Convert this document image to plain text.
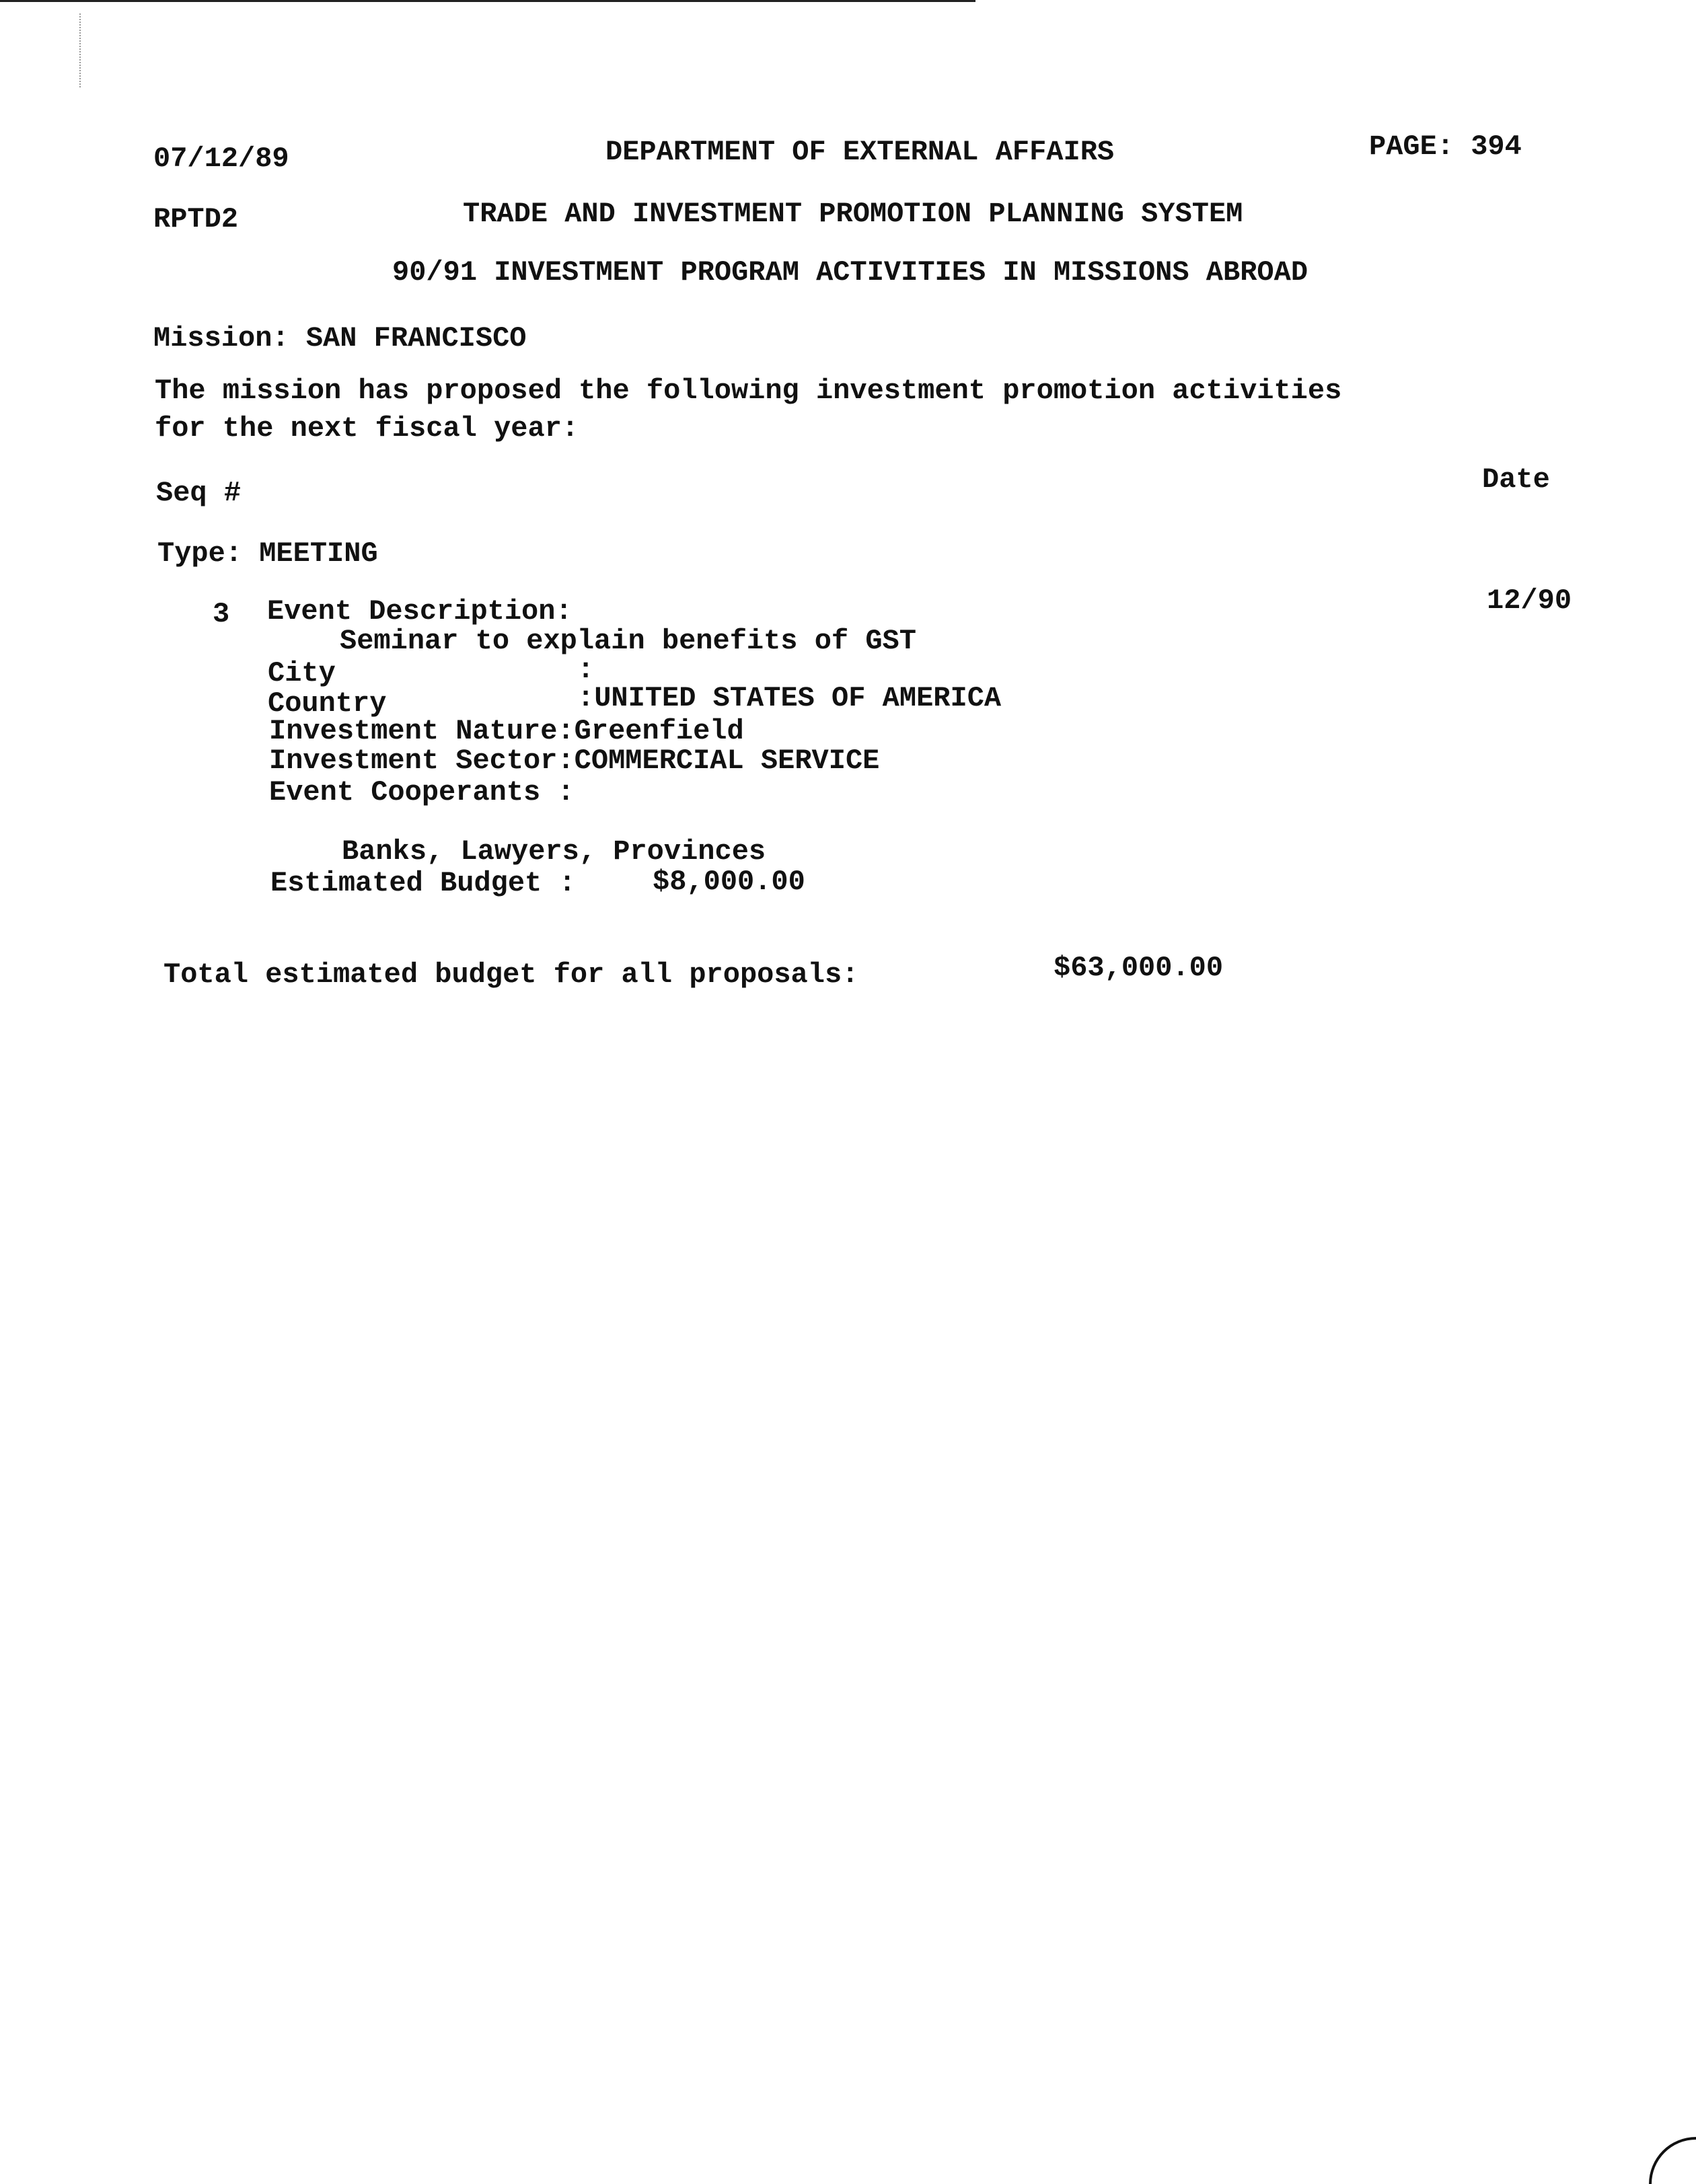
07/12/89	DEPARTMENT OF EXTERNAL AFFAIRS	PAGE: 394
RPTD2	TRADE AND INVESTMENT PROMOTION PLANNING SYSTEM
90/91 INVESTMENT PROGRAM ACTIVITIES IN MISSIONS ABROAD
Mission: SAN FRANCISCO
The mission has proposed the following investment promotion activities
for the next fiscal year:
Seq #	Date
Type: MEETING
3 Event Description:	12/90
Seminar to explain benefits of GST
City	:
Country	:UNITED STATES OF AMERICA
Investment Nature:Greenfield
Investment Sector:COMMERCIAL SERVICE
Event Cooperants :
Banks, Lawyers, Provinces
Estimated Budget :	$8,000.00
Total estimated budget for all proposals:	$63,000.00
